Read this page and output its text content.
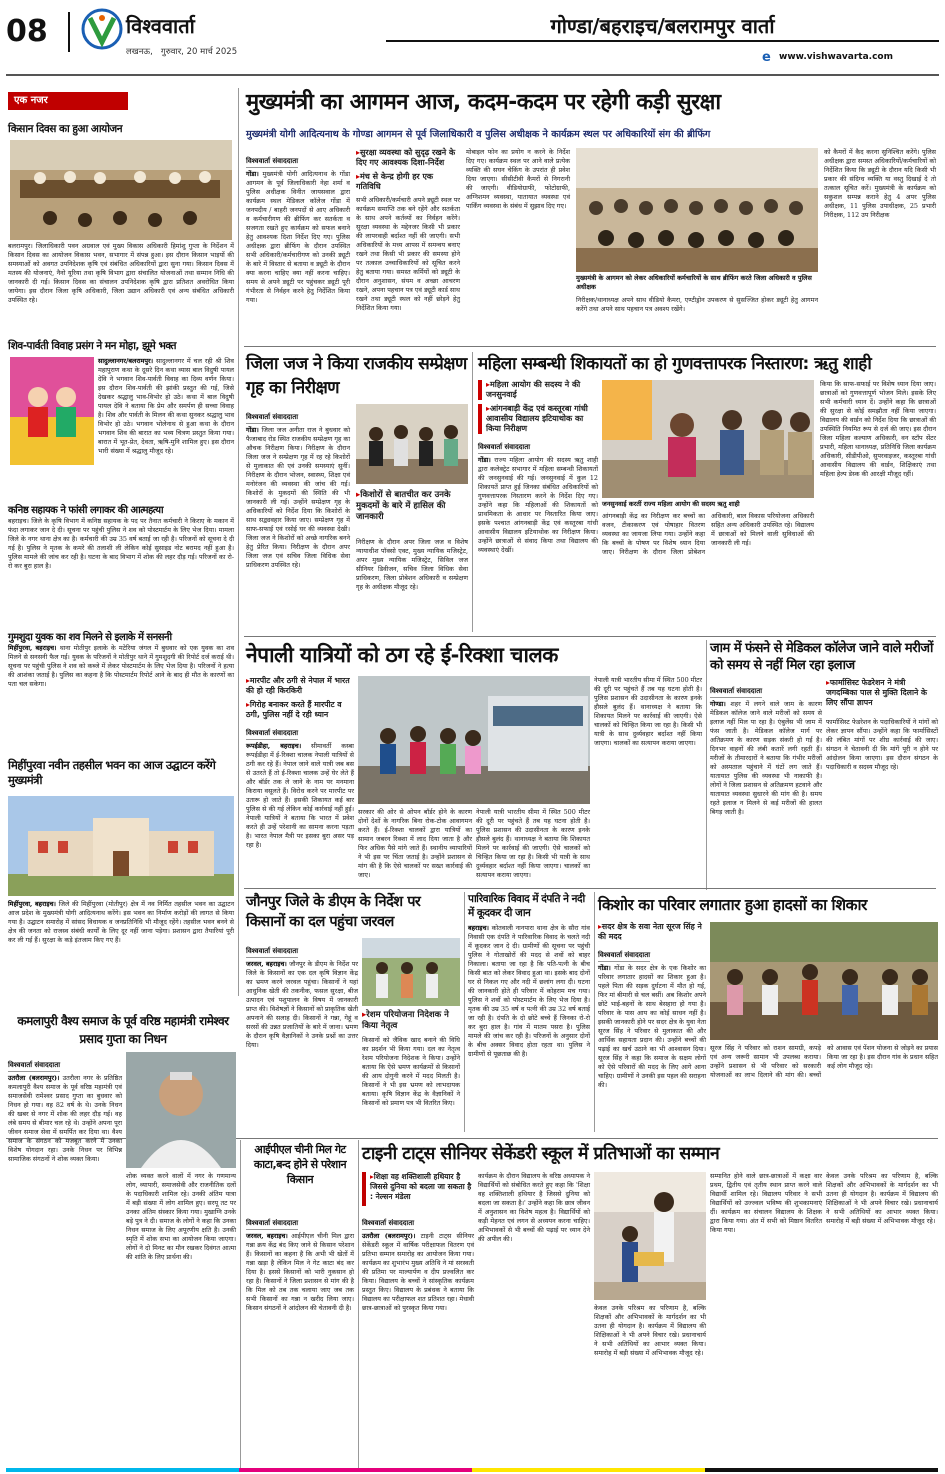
08	विश्ववार्ता
लखनऊ,   गुरुवार, 20 मार्च 2025
गोण्डा/बहराइच/बलरामपुर वार्ता
e www.vishwavarta.com
एक नजर
किसान दिवस का हुआ आयोजन
बलरामपुर। जिलाधिकारी पवन अग्रवाल एवं मुख्य विकास अधिकारी हिमांशु गुप्ता के निर्देशन में किसान दिवस का आयोजन विकास भवन, सभागार में संपन्न हुआ। इस दौरान किसान भाइयों की समस्याओं को अवगत उपनिदेशक कृषि एवं संबंधित अधिकारियों द्वारा सुना गया। किसान दिवस में मतस्य की योजनाएं, नैनो यूरिया तथा कृषि विभाग द्वारा संचालित योजनाओं तथा सम्मान निधि की जानकारी दी गई। किसान दिवस का संचालन उपनिदेशक कृषि द्वारा प्रतिशत अवरोधित किया जायेगा। इस दौरान जिला कृषि अधिकारी, जिला उद्यान अधिकारी एवं अन्य संबंधित अधिकारी उपस्थित रहे।
शिव-पार्वती विवाह प्रसंग ने मन मोहा, झूमे भक्त
सादुल्लानगर/बलरामपुर। सादुल्लानगर में चल रही श्री शिव महापुराण कथा के दूसरे दिन कथा व्यास बाल विदुषी पायल देवि ने भगवान शिव-पार्वती विवाह का दिव्य वर्णन किया। इस दौरान शिव-पार्वती की झांकी प्रस्तुत की गई, जिसे देखकर श्रद्धालु भाव-विभोर हो उठे। कथा में बाल विदुषी पायल देवि ने बताया कि प्रेम और समर्पण ही सच्चा विवाह है। शिव और पार्वती के मिलन की कथा सुनकर श्रद्धालु भाव विभोर हो उठे। भगवान भोलेनाथ से हुआ कथा के दौरान भगवान शिव की बारात का भव्य चित्रण प्रस्तुत किया गया। बारात में भूत-प्रेत, देवता, ऋषि-मुनि शामिल हुए। इस दौरान भारी संख्या में श्रद्धालु मौजूद रहे।
कनिष्ठ सहायक ने फांसी लगाकर की आत्महत्या
बहराइच। जिले के कृषि विभाग में कनिष्ठ सहायक के पद पर तैनात कर्मचारी ने किराए के मकान में फंदा लगाकर जान दे दी। सूचना पर पहुंची पुलिस ने शव को पोस्टमार्टम के लिए भेज दिया। मामला जिले के नगर थाना क्षेत्र का है। कर्मचारी की उम्र 35 वर्ष बताई जा रही है। परिजनों को सूचना दे दी गई है। पुलिस ने मृतक के कमरे की तलाशी ली लेकिन कोई सुसाइड नोट बरामद नहीं हुआ है। पुलिस मामले की जांच कर रही है। घटना के बाद विभाग में शोक की लहर दौड़ गई। परिजनों का रो-रो कर बुरा हाल है।
गुमशुदा युवक का शव मिलने से इलाके में सनसनी
मिहींपुरवा, बहराइच। थाना मोतीपुर इलाके के मटेरिया जंगल में बुधवार को एक युवक का शव मिलने से सनसनी फैल गई। युवक के परिजनों ने मोतीपुर थाने में गुमशुदगी की रिपोर्ट दर्ज कराई थी। सूचना पर पहुंची पुलिस ने शव को कब्जे में लेकर पोस्टमार्टम के लिए भेज दिया है। परिजनों ने हत्या की आशंका जताई है। पुलिस का कहना है कि पोस्टमार्टम रिपोर्ट आने के बाद ही मौत के कारणों का पता चल सकेगा।
मिहींपुरवा नवीन तहसील भवन का आज उद्घाटन करेंगे मुख्यमंत्री
मिहींपुरवा, बहराइच। जिले की मिहींपुरवा (मोतीपुर) क्षेत्र में नव निर्मित तहसील भवन का उद्घाटन आज प्रदेश के मुख्यमंत्री योगी आदित्यनाथ करेंगे। इस भवन का निर्माण करोड़ों की लागत से किया गया है। उद्घाटन समारोह में सांसद विधायक व जनप्रतिनिधि भी मौजूद रहेंगे। तहसील भवन बनने से क्षेत्र की जनता को राजस्व संबंधी कार्यों के लिए दूर नहीं जाना पड़ेगा। प्रशासन द्वारा तैयारियां पूरी कर ली गई हैं। सुरक्षा के कड़े इंतजाम किए गए हैं।
मुख्यमंत्री का आगमन आज, कदम-कदम पर रहेगी कड़ी सुरक्षा
मुख्यमंत्री योगी आदित्यनाथ के गोण्डा आगमन से पूर्व जिलाधिकारी व पुलिस अधीक्षक ने कार्यक्रम स्थल पर अधिकारियों संग की ब्रीफिंग
विश्ववार्ता संवाददाता
गोंडा। मुख्यमंत्री योगी आदित्यनाथ के गोंडा आगमन के पूर्व जिलाधिकारी नेहा शर्मा व पुलिस अधीक्षक विनीत जायसवाल द्वारा कार्यक्रम स्थल मेडिकल कॉलेज गोंडा में जनपदीय / बाहरी जनपदों से आए अधिकारी व कर्मचारीगण की ब्रीफिंग कर सतर्कता व सजगता रखते हुए कार्यक्रम को सफल बनाने हेतु आवश्यक दिशा निर्देश दिए गए। पुलिस अधीक्षक द्वारा ब्रीफिंग के दौरान उपस्थित सभी अधिकारी/कर्मचारीगण को उनकी ड्यूटी के बारे में विस्तार से बताया व ड्यूटी के दौरान क्या करना चाहिए क्या नहीं करना चाहिए। समय से अपने ड्यूटी पर पहुंचकर ड्यूटी पूरी गंभीरता से निर्वहन करने हेतु निर्देशित किया गया।
▸ सुरक्षा व्यवस्था को सुदृढ़ रखने के दिए गए आवश्यक दिशा-निर्देश
▸ मंच से केन्द्र होगी हर एक गतिविधि
सभी अधिकारी/कर्मचारी अपने ड्यूटी स्थल पर कार्यक्रम समाप्ति तक बने रहेंगे और सतर्कता के साथ अपने कर्तव्यों का निर्वहन करेंगे। सुरक्षा व्यवस्था के मद्देनजर किसी भी प्रकार की लापरवाही बर्दाश्त नहीं की जाएगी। सभी अधिकारियों के मध्य आपस में समन्वय बनाए रखने तथा किसी भी प्रकार की समस्या होने पर तत्काल उच्चाधिकारियों को सूचित करने हेतु बताया गया। समस्त कर्मियों को ड्यूटी के दौरान अनुशासन, संयम व अच्छा आचरण रखने, अपना पहचान पत्र एवं ड्यूटी कार्ड साथ रखने तथा ड्यूटी स्थल को नहीं छोड़ने हेतु निर्देशित किया गया।
मोबाइल फोन का प्रयोग न करने के निर्देश दिए गए। कार्यक्रम स्थल पर आने वाले प्रत्येक व्यक्ति की सघन चेकिंग के उपरांत ही प्रवेश दिया जाएगा। सीसीटीवी कैमरों से निगरानी की जाएगी। वीडियोग्राफी, फोटोग्राफी, अग्निशमन व्यवस्था, यातायात व्यवस्था एवं पार्किंग व्यवस्था के संबंध में सुझाव दिए गए।
मुख्यमंत्री के आगमन को लेकर अधिकारियों कर्मचारियों के साथ ब्रीफिंग करते जिला अधिकारी व पुलिस अधीक्षक
को कैमरों में कैद करना सुनिश्चित करेंगे। पुलिस अधीक्षक द्वारा समस्त अधिकारियों/कर्मचारियों को निर्देशित किया कि ड्यूटी के दौरान यदि किसी भी प्रकार की संदिग्ध व्यक्ति या वस्तु दिखाई दे तो तत्काल सूचित करें। मुख्यमंत्री के कार्यक्रम को सकुशल सम्पन्न कराने हेतु 4 अपर पुलिस अधीक्षक, 11 पुलिस उपाधीक्षक, 25 प्रभारी निरीक्षक, 112 उप निरीक्षक
निरीक्षक/थानाध्यक्ष अपने साथ वीडियो कैमरा, एण्टीड्रोन उपकरण से सुसज्जित होकर ड्यूटी हेतु आगमन करेंगे तथा अपने साथ पहचान पत्र अवश्य रखेंगे।
जिला जज ने किया राजकीय सम्प्रेक्षण गृह का निरीक्षण
विश्ववार्ता संवाददाता
गोंडा। जिला जज अनीता राज ने बुधवार को फैजाबाद रोड स्थित राजकीय सम्प्रेक्षण गृह का औचक निरीक्षण किया। निरीक्षण के दौरान जिला जज ने सम्प्रेक्षण गृह में रह रहे किशोरों से मुलाकात की एवं उनकी समस्याएं सुनीं। निरीक्षण के दौरान भोजन, स्वास्थ्य, शिक्षा एवं मनोरंजन की व्यवस्था की जांच की गई। किशोरों के मुकदमों की स्थिति की भी जानकारी ली गई। उन्होंने सम्प्रेक्षण गृह के अधिकारियों को निर्देश दिया कि किशोरों के साथ सद्व्यवहार किया जाए। सम्प्रेक्षण गृह में साफ-सफाई एवं रसोई घर की व्यवस्था देखी। जिला जज ने किशोरों को अच्छे नागरिक बनने हेतु प्रेरित किया। निरीक्षण के दौरान अपर जिला जज एवं सचिव जिला विधिक सेवा प्राधिकरण उपस्थित रहे।
▸ किशोरों से बातचीत कर उनके मुकदमों के बारे में हासिल की जानकारी
निरीक्षण के दौरान अपर जिला जज व विशेष न्यायाधीश पॉक्सो एक्ट, मुख्य न्यायिक मजिस्ट्रेट, अपर मुख्य न्यायिक मजिस्ट्रेट, सिविल जज सीनियर डिवीजन, सचिव जिला विधिक सेवा प्राधिकरण, जिला प्रोबेशन अधिकारी व सम्प्रेक्षण गृह के अधीक्षक मौजूद रहे।
महिला सम्बन्धी शिकायतों का हो गुणवत्तापरक निस्तारण: ऋतु शाही
▸ महिला आयोग की सदस्य ने की जनसुनवाई
▸ आंगनबाड़ी केंद्र एवं कस्तूरबा गांधी आवासीय विद्यालय इटियाथोक का किया निरीक्षण
विश्ववार्ता संवाददाता
गोंडा। राज्य महिला आयोग की सदस्य ऋतु शाही द्वारा कलेक्ट्रेट सभागार में महिला सम्बन्धी शिकायतों की जनसुनवाई की गई। जनसुनवाई में कुल 12 शिकायतें प्राप्त हुई जिनका संबंधित अधिकारियों को गुणवत्तापरक निस्तारण करने के निर्देश दिए गए। उन्होंने कहा कि महिलाओं की शिकायतों को प्राथमिकता के आधार पर निस्तारित किया जाए। इसके पश्चात आंगनबाड़ी केंद्र एवं कस्तूरबा गांधी आवासीय विद्यालय इटियाथोक का निरीक्षण किया। उन्होंने छात्राओं से संवाद किया तथा विद्यालय की व्यवस्थाएं देखीं।
जनसुनवाई करतीं राज्य महिला आयोग की सदस्य ऋतु शाही
आंगनबाड़ी केंद्र का निरीक्षण कर बच्चों का वजन, टीकाकरण एवं पोषाहार वितरण व्यवस्था का जायजा लिया गया। उन्होंने कहा कि बच्चों के पोषण पर विशेष ध्यान दिया जाए। निरीक्षण के दौरान जिला प्रोबेशन अधिकारी, बाल विकास परियोजना अधिकारी सहित अन्य अधिकारी उपस्थित रहे। विद्यालय में छात्राओं को मिलने वाली सुविधाओं की जानकारी ली गई।
किया कि साफ-सफाई पर विशेष ध्यान दिया जाए। छात्राओं को गुणवत्तापूर्ण भोजन मिले। इसके लिए सभी कर्मचारी ध्यान दें। उन्होंने कहा कि छात्राओं की सुरक्षा से कोई समझौता नहीं किया जाएगा। विद्यालय की वार्डन को निर्देश दिया कि छात्राओं की उपस्थिति नियमित रूप से दर्ज की जाए। इस दौरान जिला महिला कल्याण अधिकारी, वन स्टॉप सेंटर प्रभारी, महिला थानाध्यक्ष, प्रतिनिधि जिला कार्यक्रम अधिकारी, सीडीपीओ, सुपरवाइजर, कस्तूरबा गांधी आवासीय विद्यालय की वार्डन, शिक्षिकाएं तथा महिला हेल्प डेस्क की आरक्षी मौजूद रहीं।
नेपाली यात्रियों को ठग रहे ई-रिक्शा चालक
▸ मारपीट और ठगी से नेपाल में भारत की हो रही किरकिरी
▸ गिरोह बनाकर करते हैं मारपीट व ठगी, पुलिस नहीं दे रही ध्यान
विश्ववार्ता संवाददाता
रूपईडीहा, बहराइच। सीमावर्ती कस्बा रूपईडीहा में ई-रिक्शा चालक नेपाली यात्रियों से ठगी कर रहे हैं। नेपाल जाने वाले यात्री जब बस से उतरते हैं तो ई-रिक्शा चालक उन्हें घेर लेते हैं और बॉर्डर तक ले जाने के नाम पर मनमाना किराया वसूलते हैं। विरोध करने पर मारपीट पर उतारू हो जाते हैं। इसकी शिकायत कई बार पुलिस से की गई लेकिन कोई कार्रवाई नहीं हुई। नेपाली यात्रियों ने बताया कि भारत में प्रवेश करते ही उन्हें परेशानी का सामना करना पड़ता है। भारत नेपाल मैत्री पर इसका बुरा असर पड़ रहा है।
सरकार की ओर से ओपन बॉर्डर होने के कारण दोनों देशों के नागरिक बिना रोक-टोक आवागमन करते हैं। ई-रिक्शा चालकों द्वारा यात्रियों का सामान जबरन रिक्शा में लाद दिया जाता है और फिर अधिक पैसे मांगे जाते हैं। स्थानीय व्यापारियों ने भी इस पर चिंता जताई है। उन्होंने प्रशासन से मांग की है कि ऐसे चालकों पर सख्त कार्रवाई की जाए।
नेपाली यात्री भारतीय सीमा में स्थित 500 मीटर की दूरी पर पहुंचते हैं तब यह घटना होती है। पुलिस प्रशासन की उदासीनता के कारण इनके हौसले बुलंद हैं। थानाध्यक्ष ने बताया कि शिकायत मिलने पर कार्रवाई की जाएगी। ऐसे चालकों को चिन्हित किया जा रहा है। किसी भी यात्री के साथ दुर्व्यवहार बर्दाश्त नहीं किया जाएगा। चालकों का सत्यापन कराया जाएगा।
नेपाली यात्री भारतीय सीमा में स्थित 500 मीटर की दूरी पर पहुंचते हैं तब यह घटना होती है। पुलिस प्रशासन की उदासीनता के कारण इनके हौसले बुलंद हैं। थानाध्यक्ष ने बताया कि शिकायत मिलने पर कार्रवाई की जाएगी। ऐसे चालकों को चिन्हित किया जा रहा है। किसी भी यात्री के साथ दुर्व्यवहार बर्दाश्त नहीं किया जाएगा। चालकों का सत्यापन कराया जाएगा।
जाम में फंसने से मेडिकल कॉलेज जाने वाले मरीजों को समय से नहीं मिल रहा इलाज
विश्ववार्ता संवाददाता
गोण्डा। शहर में लगने वाले जाम के कारण मेडिकल कॉलेज जाने वाले मरीजों को समय से इलाज नहीं मिल पा रहा है। एंबुलेंस भी जाम में फंस जाती है। मेडिकल कॉलेज मार्ग पर अतिक्रमण के कारण सड़क संकरी हो गई है। दिनभर वाहनों की लंबी कतारें लगी रहती हैं। मरीजों के तीमारदारों ने बताया कि गंभीर मरीजों को अस्पताल पहुंचाने में घंटों लग जाते हैं। यातायात पुलिस की व्यवस्था भी नाकाफी है। लोगों ने जिला प्रशासन से अतिक्रमण हटवाने और यातायात व्यवस्था सुधारने की मांग की है। समय रहते इलाज न मिलने से कई मरीजों की हालत बिगड़ जाती है।
▸ फार्मासिस्ट फेडरेशन ने मंत्री जगदम्बिका पाल से मुक्ति दिलाने के लिए सौंपा ज्ञापन
फार्मासिस्ट फेडरेशन के पदाधिकारियों ने मांगों को लेकर ज्ञापन सौंपा। उन्होंने कहा कि फार्मासिस्टों की लंबित मांगों पर शीघ्र कार्रवाई की जाए। संगठन ने चेतावनी दी कि मांगें पूरी न होने पर आंदोलन किया जाएगा। इस दौरान संगठन के पदाधिकारी व सदस्य मौजूद रहे।
जौनपुर जिले के डीएम के निर्देश पर किसानों का दल पहुंचा जरवल
विश्ववार्ता संवाददाता
जरवल, बहराइच। जौनपुर के डीएम के निर्देश पर जिले के किसानों का एक दल कृषि विज्ञान केंद्र का भ्रमण करने जरवल पहुंचा। किसानों ने यहां आधुनिक खेती की तकनीक, फसल सुरक्षा, बीज उत्पादन एवं पशुपालन के विषय में जानकारी प्राप्त की। विशेषज्ञों ने किसानों को प्राकृतिक खेती अपनाने की सलाह दी। किसानों ने गन्ना, गेहूं व सरसों की उन्नत प्रजातियों के बारे में जाना। भ्रमण के दौरान कृषि वैज्ञानिकों ने उनके प्रश्नों का उत्तर दिया।
▸ रेशम परियोजना निदेशक ने किया नेतृत्व
किसानों को जैविक खाद बनाने की विधि का प्रदर्शन भी किया गया। दल का नेतृत्व रेशम परियोजना निदेशक ने किया। उन्होंने बताया कि ऐसे भ्रमण कार्यक्रमों से किसानों की आय दोगुनी करने में मदद मिलती है। किसानों ने भी इस भ्रमण को लाभदायक बताया। कृषि विज्ञान केंद्र के वैज्ञानिकों ने किसानों को प्रमाण पत्र भी वितरित किए।
पारिवारिक विवाद में दंपति ने नदी में कूदकर दी जान
बहराइच। कोतवाली नानपारा थाना क्षेत्र के सौरा गांव निवासी एक दंपति ने पारिवारिक विवाद के चलते नदी में कूदकर जान दे दी। ग्रामीणों की सूचना पर पहुंची पुलिस ने गोताखोरों की मदद से शवों को बाहर निकाला। बताया जा रहा है कि पति-पत्नी के बीच किसी बात को लेकर विवाद हुआ था। इसके बाद दोनों घर से निकल गए और नदी में छलांग लगा दी। घटना की जानकारी होते ही परिवार में कोहराम मच गया। पुलिस ने शवों को पोस्टमार्टम के लिए भेज दिया है। मृतक की उम्र 35 वर्ष व पत्नी की उम्र 32 वर्ष बताई जा रही है। दंपति के दो छोटे बच्चे हैं जिनका रो-रो कर बुरा हाल है। गांव में मातम पसरा है। पुलिस मामले की जांच कर रही है। परिजनों के अनुसार दोनों के बीच अक्सर विवाद होता रहता था। पुलिस ने ग्रामीणों से पूछताछ की है।
किशोर का परिवार लगातार हुआ हादसों का शिकार
▸ सदर क्षेत्र के सवा नेता सूरज सिंह ने की मदद
विश्ववार्ता संवाददाता
गोंडा। गोंडा के सदर क्षेत्र के एक किशोर का परिवार लगातार हादसों का शिकार हुआ है। पहले पिता की सड़क दुर्घटना में मौत हो गई, फिर मां बीमारी से चल बसीं। अब किशोर अपने छोटे भाई-बहनों के साथ बेसहारा हो गया है। परिवार के पास आय का कोई साधन नहीं है। इसकी जानकारी होने पर सदर क्षेत्र के युवा नेता सूरज सिंह ने परिवार से मुलाकात की और आर्थिक सहायता प्रदान की। उन्होंने बच्चों की पढ़ाई का खर्च उठाने का भी आश्वासन दिया। सूरज सिंह ने कहा कि समाज के सक्षम लोगों को ऐसे परिवारों की मदद के लिए आगे आना चाहिए। ग्रामीणों ने उनकी इस पहल की सराहना की।
सूरज सिंह ने परिवार को राशन सामग्री, कपड़े एवं अन्य जरूरी सामान भी उपलब्ध कराया। उन्होंने प्रशासन से भी परिवार को सरकारी योजनाओं का लाभ दिलाने की मांग की। बच्चों को आवास एवं पेंशन योजना से जोड़ने का प्रयास किया जा रहा है। इस दौरान गांव के प्रधान सहित कई लोग मौजूद रहे।
कमलापुरी वैश्य समाज के पूर्व वरिष्ठ महामंत्री रामेश्वर प्रसाद गुप्ता का निधन
विश्ववार्ता संवाददाता
उतरौला (बलरामपुर)। उतरौला नगर के प्रतिष्ठित कमलापुरी वैश्य समाज के पूर्व वरिष्ठ महामंत्री एवं समाजसेवी रामेश्वर प्रसाद गुप्ता का बुधवार को निधन हो गया। वह 82 वर्ष के थे। उनके निधन की खबर से नगर में शोक की लहर दौड़ गई। वह लंबे समय से बीमार चल रहे थे। उन्होंने अपना पूरा जीवन समाज सेवा में समर्पित कर दिया था। वैश्य समाज के संगठन को मजबूत करने में उनका विशेष योगदान रहा। उनके निधन पर विभिन्न सामाजिक संगठनों ने शोक व्यक्त किया।
शोक व्यक्त करने वालों में नगर के गणमान्य लोग, व्यापारी, समाजसेवी और राजनीतिक दलों के पदाधिकारी शामिल रहे। उनकी अंतिम यात्रा में बड़ी संख्या में लोग शामिल हुए। सरयू तट पर उनका अंतिम संस्कार किया गया। मुखाग्नि उनके बड़े पुत्र ने दी। समाज के लोगों ने कहा कि उनका निधन समाज के लिए अपूरणीय क्षति है। उनकी स्मृति में शोक सभा का आयोजन किया जाएगा। लोगों ने दो मिनट का मौन रखकर दिवंगत आत्मा की शांति के लिए प्रार्थना की।
आईपीएल चीनी मिल गेट काटा,बन्द होने से परेशान किसान
विश्ववार्ता संवाददाता
जरवल, बहराइच। आईपीएल चीनी मिल द्वारा गन्ना क्रय केंद्र बंद किए जाने से किसान परेशान हैं। किसानों का कहना है कि अभी भी खेतों में गन्ना खड़ा है लेकिन मिल ने गेट काटा बंद कर दिया है। इससे किसानों को भारी नुकसान हो रहा है। किसानों ने जिला प्रशासन से मांग की है कि मिल को तब तक चलाया जाए जब तक सभी किसानों का गन्ना न खरीद लिया जाए। किसान संगठनों ने आंदोलन की चेतावनी दी है।
टाइनी टाट्स सीनियर सेकेंडरी स्कूल में प्रतिभाओं का सम्मान
▸ शिक्षा वह शक्तिशाली हथियार है जिससे दुनिया को बदला जा सकता है : नेल्सन मंडेला
विश्ववार्ता संवाददाता
उतरौला (बलरामपुर)। टाइनी टाट्स सीनियर सेकेंडरी स्कूल में वार्षिक परीक्षाफल वितरण एवं प्रतिभा सम्मान समारोह का आयोजन किया गया। कार्यक्रम का शुभारंभ मुख्य अतिथि ने मां सरस्वती की प्रतिमा पर माल्यार्पण व दीप प्रज्वलित कर किया। विद्यालय के बच्चों ने सांस्कृतिक कार्यक्रम प्रस्तुत किए। विद्यालय के प्रबंधक ने बताया कि विद्यालय का परीक्षाफल शत प्रतिशत रहा। मेधावी छात्र-छात्राओं को पुरस्कृत किया गया।
कार्यक्रम के दौरान विद्यालय के वरिष्ठ अध्यापक ने विद्यार्थियों को संबोधित करते हुए कहा कि 'शिक्षा वह शक्तिशाली हथियार है जिससे दुनिया को बदला जा सकता है।' उन्होंने कहा कि छात्र जीवन में अनुशासन का विशेष महत्व है। विद्यार्थियों को कड़ी मेहनत एवं लगन से अध्ययन करना चाहिए। अभिभावकों से भी बच्चों की पढ़ाई पर ध्यान देने की अपील की।
केवल उनके परिश्रम का परिणाम है, बल्कि शिक्षकों और अभिभावकों के मार्गदर्शन का भी उतना ही योगदान है। कार्यक्रम में विद्यालय की शिक्षिकाओं ने भी अपने विचार रखे। प्रधानाचार्य ने सभी अतिथियों का आभार व्यक्त किया। समारोह में बड़ी संख्या में अभिभावक मौजूद रहे।
सम्मानित होने वाले छात्र-छात्राओं में कक्षा वार प्रथम, द्वितीय एवं तृतीय स्थान प्राप्त करने वाले विद्यार्थी शामिल रहे। विद्यालय परिवार ने सभी विद्यार्थियों को उज्ज्वल भविष्य की शुभकामनाएं दीं। कार्यक्रम का संचालन विद्यालय के शिक्षक द्वारा किया गया। अंत में सभी को मिष्ठान वितरित किया गया।
केवल उनके परिश्रम का परिणाम है, बल्कि शिक्षकों और अभिभावकों के मार्गदर्शन का भी उतना ही योगदान है। कार्यक्रम में विद्यालय की शिक्षिकाओं ने भी अपने विचार रखे। प्रधानाचार्य ने सभी अतिथियों का आभार व्यक्त किया। समारोह में बड़ी संख्या में अभिभावक मौजूद रहे।
